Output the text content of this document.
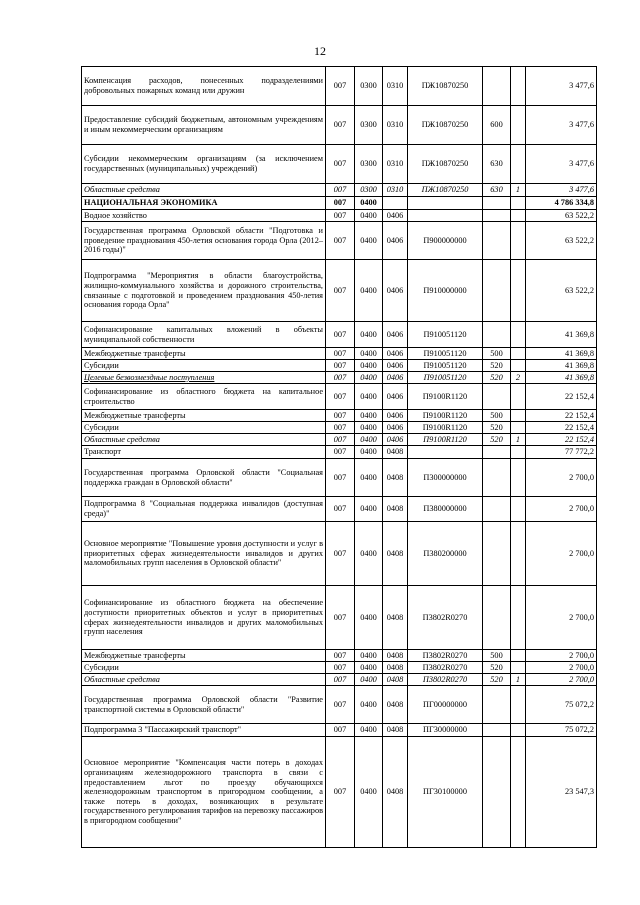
12
Компенсация расходов, понесенных подразделениями добровольных пожарных команд или дружин	007	0300	0310	ПЖ10870250			3 477,6
Предоставление субсидий бюджетным, автономным учреждениям и иным некоммерческим организациям	007	0300	0310	ПЖ10870250	600		3 477,6
Субсидии некоммерческим организациям (за исключением государственных (муниципальных) учреждений)	007	0300	0310	ПЖ10870250	630		3 477,6
Областные средства	007	0300	0310	ПЖ10870250	630	1	3 477,6
НАЦИОНАЛЬНАЯ ЭКОНОМИКА	007	0400					4 786 334,8
Водное хозяйство	007	0400	0406				63 522,2
Государственная программа Орловской области "Подготовка и проведение празднования 450-летия основания города Орла (2012–2016 годы)"	007	0400	0406	П900000000			63 522,2
Подпрограмма "Мероприятия в области благоустройства, жилищно-коммунального хозяйства и дорожного строительства, связанные с подготовкой и проведением празднования 450-летия основания города Орла"	007	0400	0406	П910000000			63 522,2
Софинансирование капитальных вложений в объекты муниципальной собственности	007	0400	0406	П910051120			41 369,8
Межбюджетные трансферты	007	0400	0406	П910051120	500		41 369,8
Субсидии	007	0400	0406	П910051120	520		41 369,8
Целевые безвозмездные поступления	007	0400	0406	П910051120	520	2	41 369,8
Софинансирование из областного бюджета на капитальное строительство	007	0400	0406	П9100R1120			22 152,4
Межбюджетные трансферты	007	0400	0406	П9100R1120	500		22 152,4
Субсидии	007	0400	0406	П9100R1120	520		22 152,4
Областные средства	007	0400	0406	П9100R1120	520	1	22 152,4
Транспорт	007	0400	0408				77 772,2
Государственная программа Орловской области "Социальная поддержка граждан в Орловской области"	007	0400	0408	П300000000			2 700,0
Подпрограмма 8 "Социальная поддержка инвалидов (доступная среда)"	007	0400	0408	П380000000			2 700,0
Основное мероприятие "Повышение уровня доступности и услуг в приоритетных сферах жизнедеятельности инвалидов и других маломобильных групп населения в Орловской области"	007	0400	0408	П380200000			2 700,0
Софинансирование из областного бюджета на обеспечение доступности приоритетных объектов и услуг в приоритетных сферах жизнедеятельности инвалидов и других маломобильных групп населения	007	0400	0408	П3802R0270			2 700,0
Межбюджетные трансферты	007	0400	0408	П3802R0270	500		2 700,0
Субсидии	007	0400	0408	П3802R0270	520		2 700,0
Областные средства	007	0400	0408	П3802R0270	520	1	2 700,0
Государственная программа Орловской области "Развитие транспортной системы в Орловской области"	007	0400	0408	ПГ00000000			75 072,2
Подпрограмма 3 "Пассажирский транспорт"	007	0400	0408	ПГ30000000			75 072,2
Основное мероприятие "Компенсация части потерь в доходах организациям железнодорожного транспорта в связи с предоставлением льгот по проезду обучающихся железнодорожным транспортом в пригородном сообщении, а также потерь в доходах, возникающих в результате государственного регулирования тарифов на перевозку пассажиров в пригородном сообщении"	007	0400	0408	ПГ30100000			23 547,3
